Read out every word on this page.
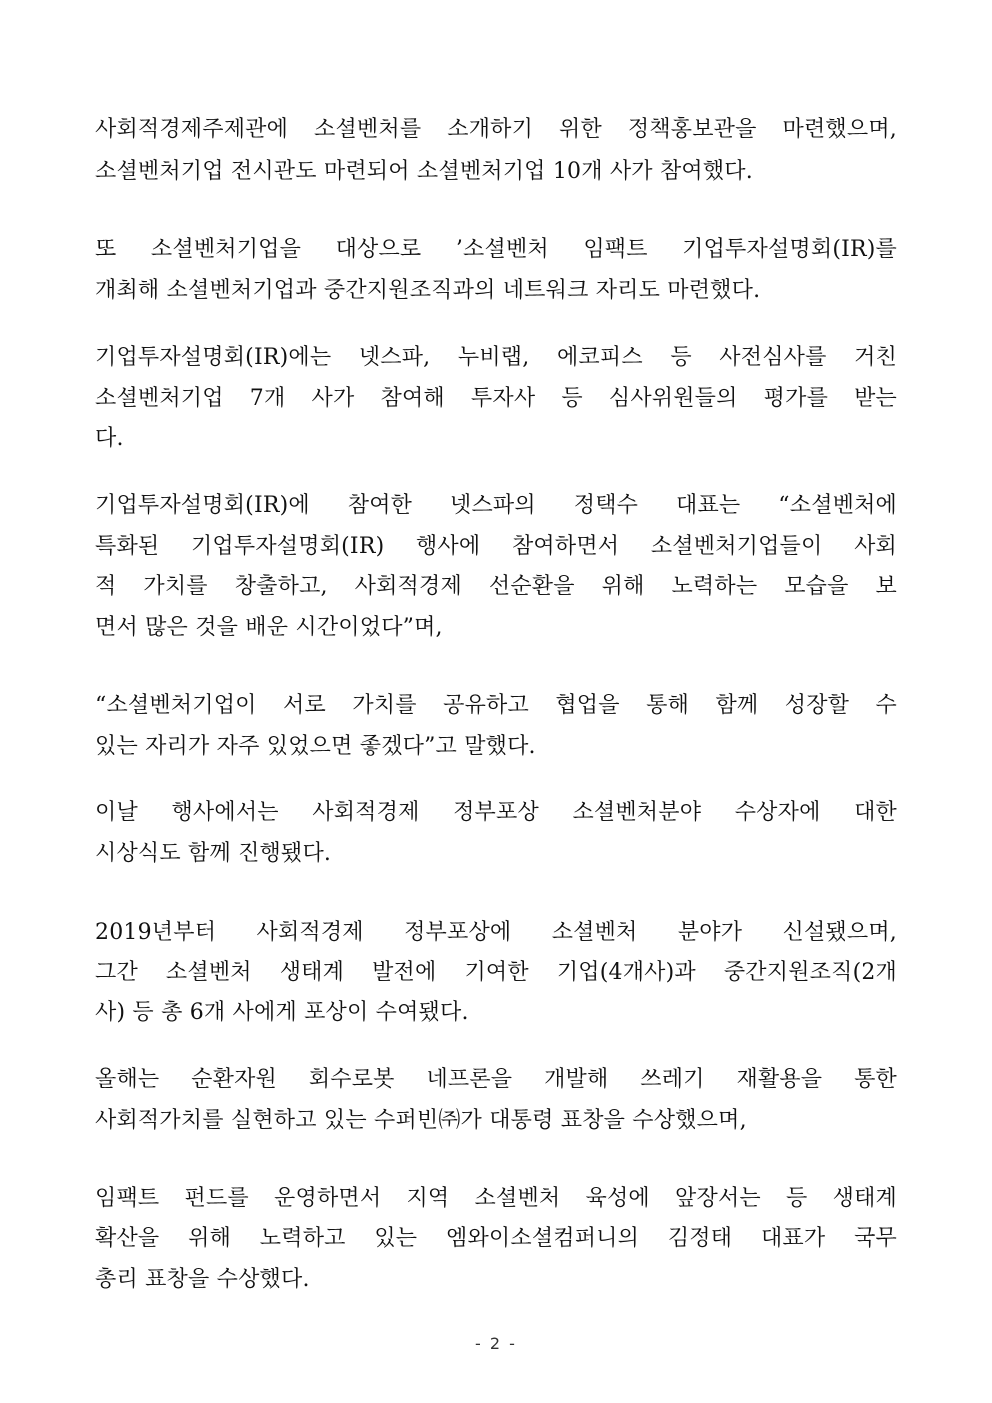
사회적경제주제관에 소셜벤처를 소개하기 위한 정책홍보관을 마련했으며,
소셜벤처기업 전시관도 마련되어 소셜벤처기업 10개 사가 참여했다.
또 소셜벤처기업을 대상으로 ’소셜벤처 임팩트 기업투자설명회(IR)를
개최해 소셜벤처기업과 중간지원조직과의 네트워크 자리도 마련했다.
기업투자설명회(IR)에는 넷스파, 누비랩, 에코피스 등 사전심사를 거친
소셜벤처기업 7개 사가 참여해 투자사 등 심사위원들의 평가를 받는
다.
기업투자설명회(IR)에 참여한 넷스파의 정택수 대표는 “소셜벤처에
특화된 기업투자설명회(IR) 행사에 참여하면서 소셜벤처기업들이 사회
적 가치를 창출하고, 사회적경제 선순환을 위해 노력하는 모습을 보
면서 많은 것을 배운 시간이었다”며,
“소셜벤처기업이 서로 가치를 공유하고 협업을 통해 함께 성장할 수
있는 자리가 자주 있었으면 좋겠다”고 말했다.
이날 행사에서는 사회적경제 정부포상 소셜벤처분야 수상자에 대한
시상식도 함께 진행됐다.
2019년부터 사회적경제 정부포상에 소셜벤처 분야가 신설됐으며,
그간 소셜벤처 생태계 발전에 기여한 기업(4개사)과 중간지원조직(2개
사) 등 총 6개 사에게 포상이 수여됐다.
올해는 순환자원 회수로봇 네프론을 개발해 쓰레기 재활용을 통한
사회적가치를 실현하고 있는 수퍼빈㈜가 대통령 표창을 수상했으며,
임팩트 펀드를 운영하면서 지역 소셜벤처 육성에 앞장서는 등 생태계
확산을 위해 노력하고 있는 엠와이소셜컴퍼니의 김정태 대표가 국무
총리 표창을 수상했다.
- 2 -
